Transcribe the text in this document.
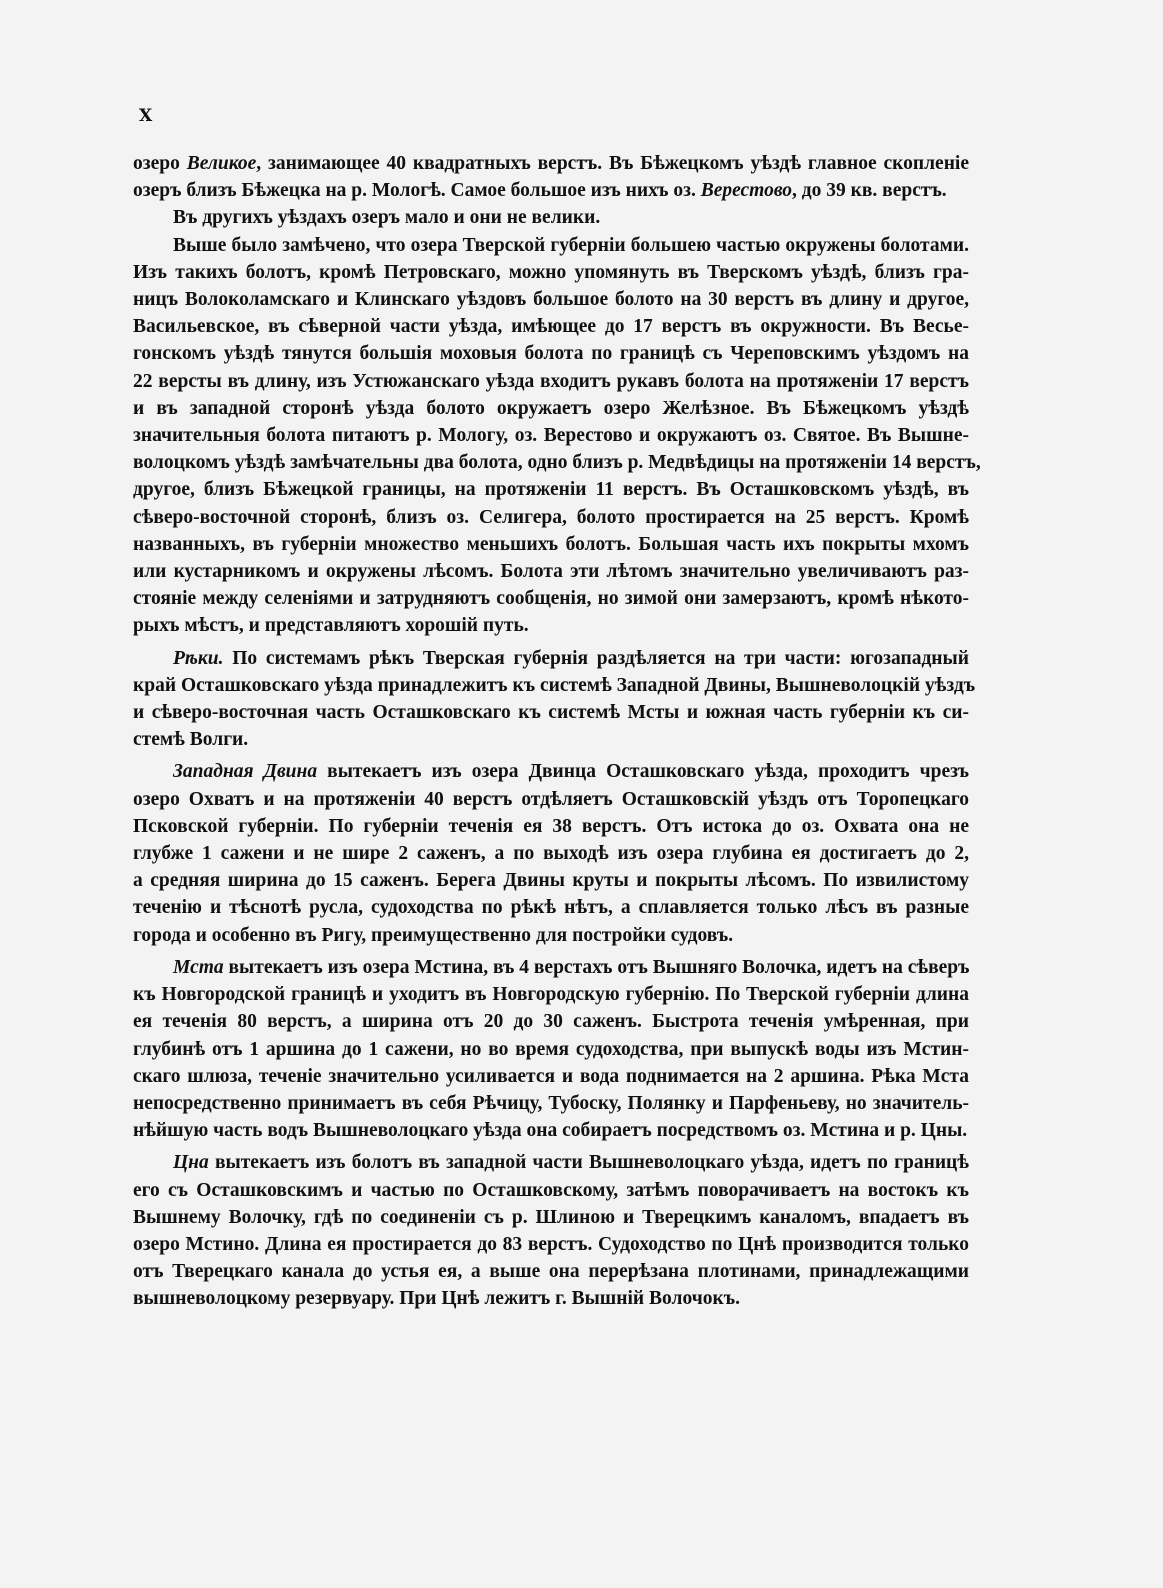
X
озеро Великое, занимающее 40 квадратныхъ верстъ. Въ Бѣжецкомъ уѣздѣ главное скопленіе
озеръ близъ Бѣжецка на р. Мологѣ. Самое большое изъ нихъ оз. Верестово, до 39 кв. верстъ.
Въ другихъ уѣздахъ озеръ мало и они не велики.
Выше было замѣчено, что озера Тверской губерніи большею частью окружены болотами.
Изъ такихъ болотъ, кромѣ Петровскаго, можно упомянуть въ Тверскомъ уѣздѣ, близъ гра-
ницъ Волоколамскаго и Клинскаго уѣздовъ большое болото на 30 верстъ въ длину и другое,
Васильевское, въ сѣверной части уѣзда, имѣющее до 17 верстъ въ окружности. Въ Весье-
гонскомъ уѣздѣ тянутся большія моховыя болота по границѣ съ Череповскимъ уѣздомъ на
22 версты въ длину, изъ Устюжанскаго уѣзда входитъ рукавъ болота на протяженіи 17 верстъ
и въ западной сторонѣ уѣзда болото окружаетъ озеро Желѣзное. Въ Бѣжецкомъ уѣздѣ
значительныя болота питаютъ р. Мологу, оз. Верестово и окружаютъ оз. Святое. Въ Вышне-
волоцкомъ уѣздѣ замѣчательны два болота, одно близъ р. Медвѣдицы на протяженіи 14 верстъ,
другое, близъ Бѣжецкой границы, на протяженіи 11 верстъ. Въ Осташковскомъ уѣздѣ, въ
сѣверо-восточной сторонѣ, близъ оз. Селигера, болото простирается на 25 верстъ. Кромѣ
названныхъ, въ губерніи множество меньшихъ болотъ. Большая часть ихъ покрыты мхомъ
или кустарникомъ и окружены лѣсомъ. Болота эти лѣтомъ значительно увеличиваютъ раз-
стояніе между селеніями и затрудняютъ сообщенія, но зимой они замерзаютъ, кромѣ нѣкото-
рыхъ мѣстъ, и представляютъ хорошій путь.
Рѣки. По системамъ рѣкъ Тверская губернія раздѣляется на три части: югозападный
край Осташковскаго уѣзда принадлежитъ къ системѣ Западной Двины, Вышневолоцкій уѣздъ
и сѣверо-восточная часть Осташковскаго къ системѣ Мсты и южная часть губерніи къ си-
стемѣ Волги.
Западная Двина вытекаетъ изъ озера Двинца Осташковскаго уѣзда, проходитъ чрезъ
озеро Охватъ и на протяженіи 40 верстъ отдѣляетъ Осташковскій уѣздъ отъ Торопецкаго
Псковской губерніи. По губерніи теченія ея 38 верстъ. Отъ истока до оз. Охвата она не
глубже 1 сажени и не шире 2 саженъ, а по выходѣ изъ озера глубина ея достигаетъ до 2,
а средняя ширина до 15 саженъ. Берега Двины круты и покрыты лѣсомъ. По извилистому
теченію и тѣснотѣ русла, судоходства по рѣкѣ нѣтъ, а сплавляется только лѣсъ въ разные
города и особенно въ Ригу, преимущественно для постройки судовъ.
Мста вытекаетъ изъ озера Мстина, въ 4 верстахъ отъ Вышняго Волочка, идетъ на сѣверъ
къ Новгородской границѣ и уходитъ въ Новгородскую губернію. По Тверской губерніи длина
ея теченія 80 верстъ, а ширина отъ 20 до 30 саженъ. Быстрота теченія умѣренная, при
глубинѣ отъ 1 аршина до 1 сажени, но во время судоходства, при выпускѣ воды изъ Мстин-
скаго шлюза, теченіе значительно усиливается и вода поднимается на 2 аршина. Рѣка Мста
непосредственно принимаетъ въ себя Рѣчицу, Тубоску, Полянку и Парфеньеву, но значитель-
нѣйшую часть водъ Вышневолоцкаго уѣзда она собираетъ посредствомъ оз. Мстина и р. Цны.
Цна вытекаетъ изъ болотъ въ западной части Вышневолоцкаго уѣзда, идетъ по границѣ
его съ Осташковскимъ и частью по Осташковскому, затѣмъ поворачиваетъ на востокъ къ
Вышнему Волочку, гдѣ по соединеніи съ р. Шлиною и Тверецкимъ каналомъ, впадаетъ въ
озеро Мстино. Длина ея простирается до 83 верстъ. Судоходство по Цнѣ производится только
отъ Тверецкаго канала до устья ея, а выше она перерѣзана плотинами, принадлежащими
вышневолоцкому резервуару. При Цнѣ лежитъ г. Вышній Волочокъ.
